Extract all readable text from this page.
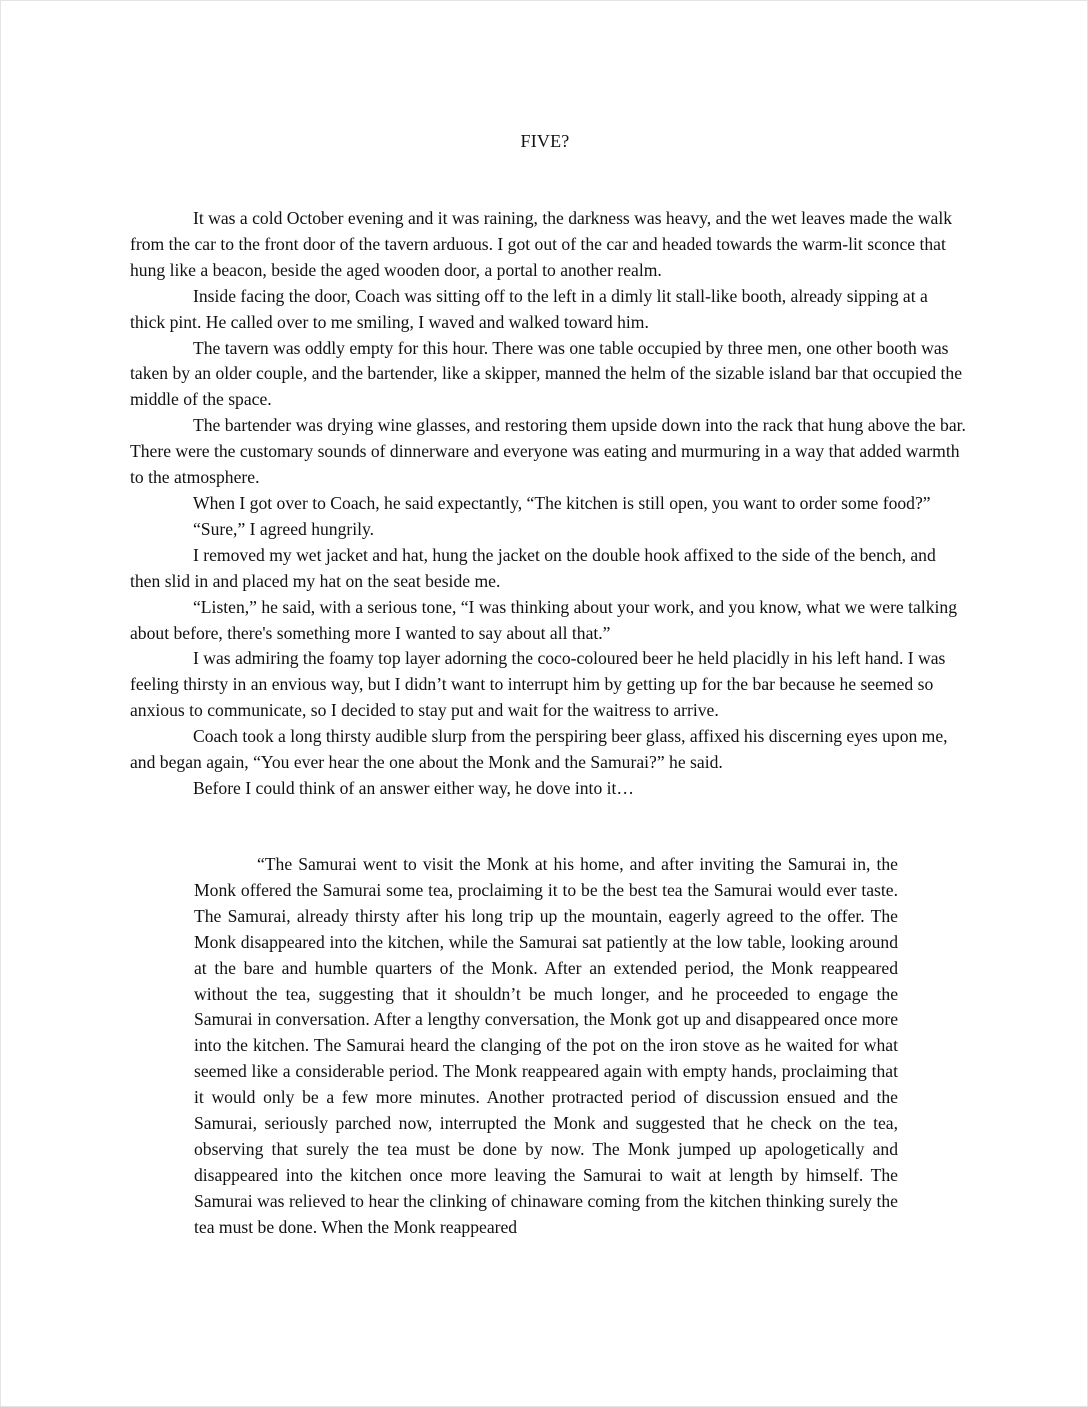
FIVE?

It was a cold October evening and it was raining, the darkness was heavy, and the wet leaves made the walk from the car to the front door of the tavern arduous. I got out of the car and headed towards the warm-lit sconce that hung like a beacon, beside the aged wooden door, a portal to another realm.

Inside facing the door, Coach was sitting off to the left in a dimly lit stall-like booth, already sipping at a thick pint. He called over to me smiling, I waved and walked toward him.

The tavern was oddly empty for this hour. There was one table occupied by three men, one other booth was taken by an older couple, and the bartender, like a skipper, manned the helm of the sizable island bar that occupied the middle of the space.

The bartender was drying wine glasses, and restoring them upside down into the rack that hung above the bar. There were the customary sounds of dinnerware and everyone was eating and murmuring in a way that added warmth to the atmosphere.

When I got over to Coach, he said expectantly, “The kitchen is still open, you want to order some food?”

“Sure,” I agreed hungrily.

I removed my wet jacket and hat, hung the jacket on the double hook affixed to the side of the bench, and then slid in and placed my hat on the seat beside me.

“Listen,” he said, with a serious tone, “I was thinking about your work, and you know, what we were talking about before, there's something more I wanted to say about all that.”

I was admiring the foamy top layer adorning the coco-coloured beer he held placidly in his left hand. I was feeling thirsty in an envious way, but I didn’t want to interrupt him by getting up for the bar because he seemed so anxious to communicate, so I decided to stay put and wait for the waitress to arrive.

Coach took a long thirsty audible slurp from the perspiring beer glass, affixed his discerning eyes upon me, and began again, “You ever hear the one about the Monk and the Samurai?” he said.

Before I could think of an answer either way, he dove into it…

“The Samurai went to visit the Monk at his home, and after inviting the Samurai in, the Monk offered the Samurai some tea, proclaiming it to be the best tea the Samurai would ever taste. The Samurai, already thirsty after his long trip up the mountain, eagerly agreed to the offer. The Monk disappeared into the kitchen, while the Samurai sat patiently at the low table, looking around at the bare and humble quarters of the Monk. After an extended period, the Monk reappeared without the tea, suggesting that it shouldn’t be much longer, and he proceeded to engage the Samurai in conversation. After a lengthy conversation, the Monk got up and disappeared once more into the kitchen. The Samurai heard the clanging of the pot on the iron stove as he waited for what seemed like a considerable period. The Monk reappeared again with empty hands, proclaiming that it would only be a few more minutes. Another protracted period of discussion ensued and the Samurai, seriously parched now, interrupted the Monk and suggested that he check on the tea, observing that surely the tea must be done by now. The Monk jumped up apologetically and disappeared into the kitchen once more leaving the Samurai to wait at length by himself. The Samurai was relieved to hear the clinking of chinaware coming from the kitchen thinking surely the tea must be done. When the Monk reappeared
